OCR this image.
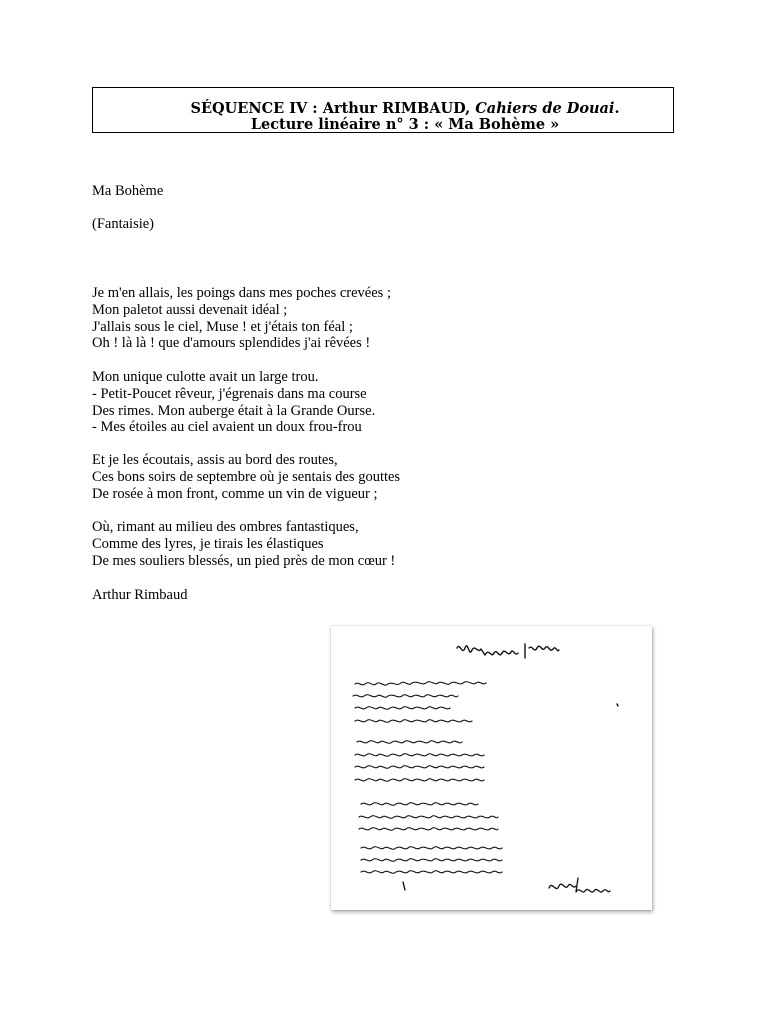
SÉQUENCE IV : Arthur RIMBAUD, Cahiers de Douai.
Lecture linéaire n° 3 : « Ma Bohème »
Ma Bohème
(Fantaisie)
Je m'en allais, les poings dans mes poches crevées ;
Mon paletot aussi devenait idéal ;
J'allais sous le ciel, Muse ! et j'étais ton féal ;
Oh ! là là ! que d'amours splendides j'ai rêvées !
Mon unique culotte avait un large trou.
- Petit-Poucet rêveur, j'égrenais dans ma course
Des rimes. Mon auberge était à la Grande Ourse.
- Mes étoiles au ciel avaient un doux frou-frou
Et je les écoutais, assis au bord des routes,
Ces bons soirs de septembre où je sentais des gouttes
De rosée à mon front, comme un vin de vigueur ;
Où, rimant au milieu des ombres fantastiques,
Comme des lyres, je tirais les élastiques
De mes souliers blessés, un pied près de mon cœur !
Arthur Rimbaud
